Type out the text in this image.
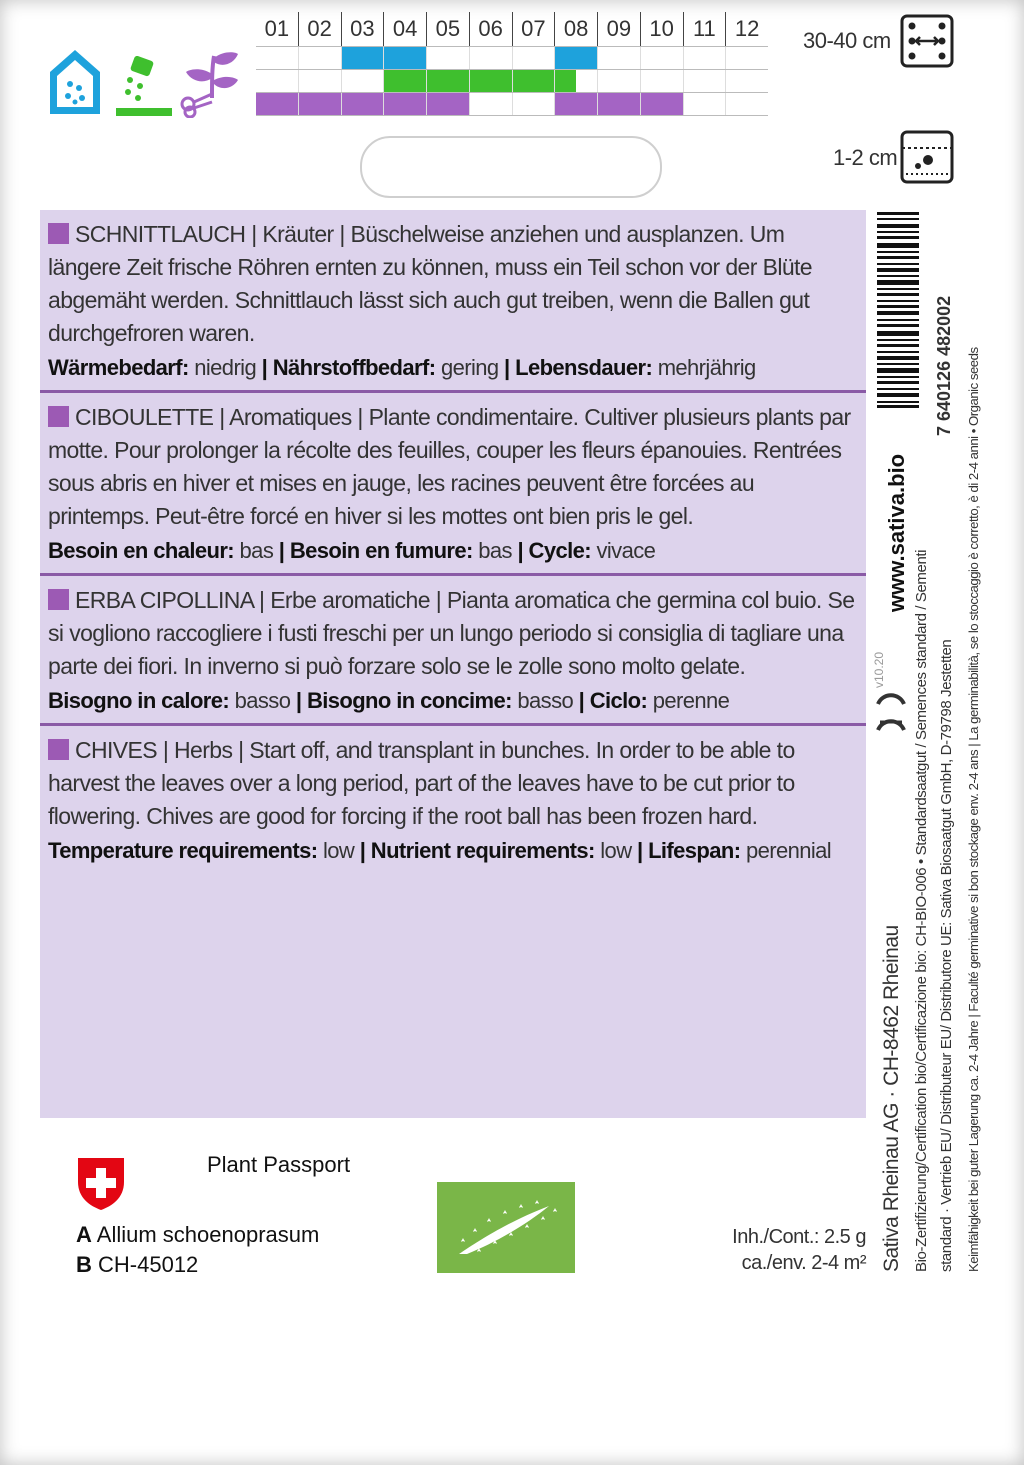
01 02 03 04 05 06 07 08 09 10 11 12	30-40 cm
1-2 cm

SCHNITTLAUCH | Kräuter | Büschelweise anziehen und ausplanzen. Um längere Zeit frische Röhren ernten zu können, muss ein Teil schon vor der Blüte abgemäht werden. Schnittlauch lässt sich auch gut treiben, wenn die Ballen gut durchgefroren waren.

Wärmebedarf: niedrig | Nährstoffbedarf: gering | Lebensdauer: mehrjährig

CIBOULETTE | Aromatiques | Plante condimentaire. Cultiver plusieurs plants par motte. Pour prolonger la récolte des feuilles, couper les fleurs épanouies. Rentrées sous abris en hiver et mises en jauge, les racines peuvent être forcées au printemps. Peut-être forcé en hiver si les mottes ont bien pris le gel.

Besoin en chaleur: bas | Besoin en fumure: bas | Cycle: vivace

ERBA CIPOLLINA | Erbe aromatiche | Pianta aromatica che germina col buio. Se si vogliono raccogliere i fusti freschi per un lungo periodo si consiglia di tagliare una parte dei fiori. In inverno si può forzare solo se le zolle sono molto gelate.

Bisogno in calore: basso | Bisogno in concime: basso | Ciclo: perenne

CHIVES | Herbs | Start off, and transplant in bunches. In order to be able to harvest the leaves over a long period, part of the leaves have to be cut prior to flowering. Chives are good for forcing if the root ball has been frozen hard.

Temperature requirements: low | Nutrient requirements: low | Lifespan: perennial

7 640126 482002
www.sativa.bio
v10.20
Sativa Rheinau AG · CH-8462 Rheinau Bio-Zertifizierung/Certification bio/Certificazione bio: CH-BIO-006 • Standardsaatgut / Semences standard / Sementi standard · Vertrieb EU/ Distributeur EU/ Distributore UE: Sativa Biosaatgut GmbH, D-79798 Jestetten Keimfähigkeit bei guter Lagerung ca. 2-4 Jahre | Faculté germinative si bon stockage env. 2-4 ans | La germinabilità, se lo stoccaggio è corretto, è di 2-4 anni • Organic seeds
Plant Passport
A Allium schoenoprasum
B CH-45012
Inh./Cont.: 2.5 g
ca./env. 2-4 m²
